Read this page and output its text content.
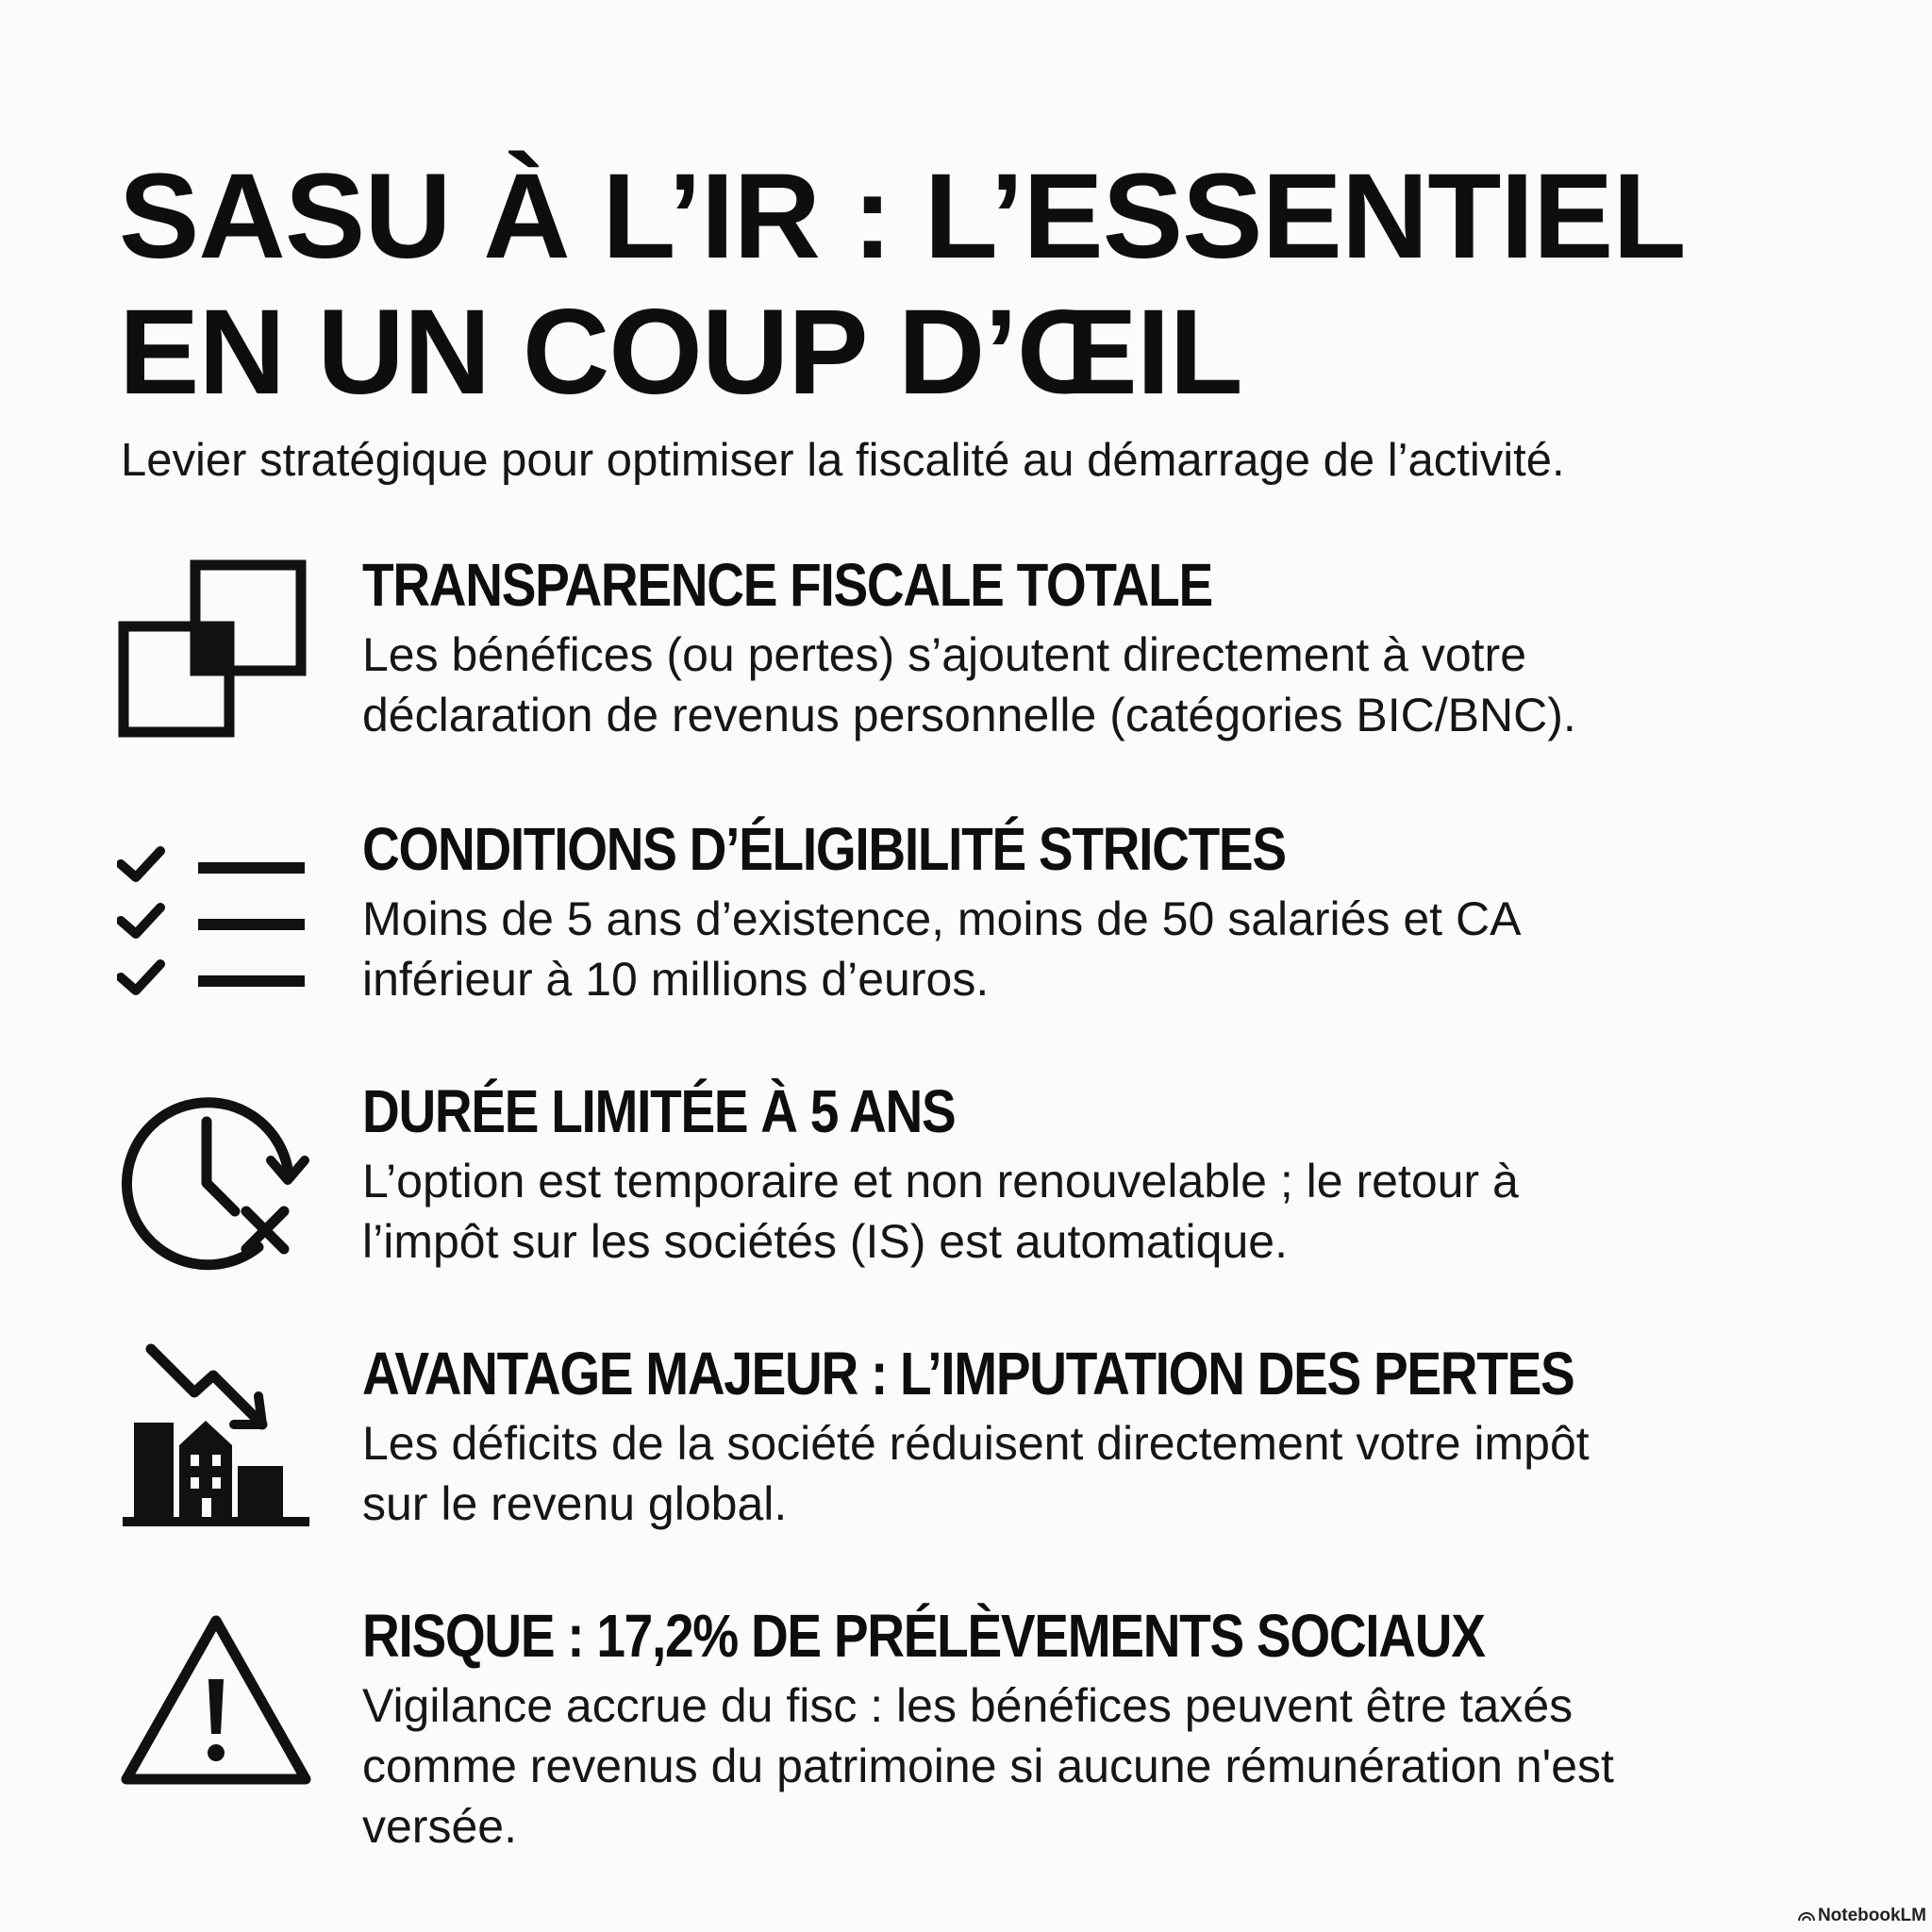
SASU À L’IR : L’ESSENTIEL
EN UN COUP D’ŒIL

Levier stratégique pour optimiser la fiscalité au démarrage de l’activité.

TRANSPARENCE FISCALE TOTALE

Les bénéfices (ou pertes) s’ajoutent directement à votre
déclaration de revenus personnelle (catégories BIC/BNC).

CONDITIONS D’ÉLIGIBILITÉ STRICTES

Moins de 5 ans d’existence, moins de 50 salariés et CA
inférieur à 10 millions d’euros.

DURÉE LIMITÉE À 5 ANS

L’option est temporaire et non renouvelable ; le retour à
l’impôt sur les sociétés (IS) est automatique.

AVANTAGE MAJEUR : L’IMPUTATION DES PERTES

Les déficits de la société réduisent directement votre impôt
sur le revenu global.

RISQUE : 17,2% DE PRÉLÈVEMENTS SOCIAUX

Vigilance accrue du fisc : les bénéfices peuvent être taxés
comme revenus du patrimoine si aucune rémunération n'est
versée.

NotebookLM
